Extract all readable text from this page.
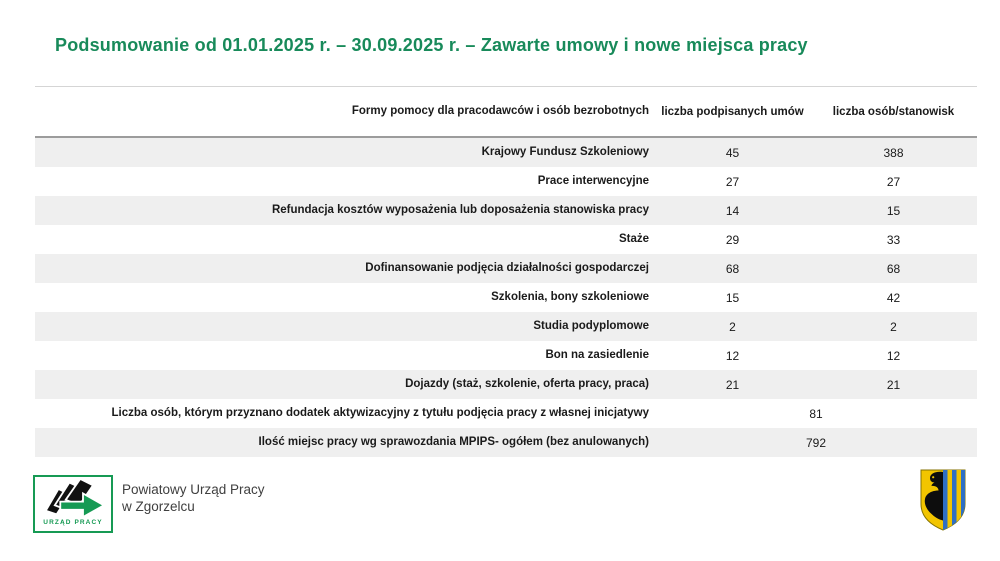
Podsumowanie od 01.01.2025 r. – 30.09.2025 r. – Zawarte umowy i nowe miejsca pracy
Formy pomocy dla pracodawców i osób bezrobotnych	liczba podpisanych umów	liczba osób/stanowisk
Krajowy Fundusz Szkoleniowy	45	388
Prace interwencyjne	27	27
Refundacja kosztów wyposażenia lub doposażenia stanowiska pracy	14	15
Staże	29	33
Dofinansowanie podjęcia działalności gospodarczej	68	68
Szkolenia, bony szkoleniowe	15	42
Studia podyplomowe	2	2
Bon na zasiedlenie	12	12
Dojazdy (staż, szkolenie, oferta pracy, praca)	21	21
Liczba osób, którym przyznano dodatek aktywizacyjny z tytułu podjęcia pracy z własnej inicjatywy	81
Ilość miejsc pracy wg sprawozdania MPIPS- ogółem (bez anulowanych)	792
URZĄD PRACY
Powiatowy Urząd Pracy
w Zgorzelcu
